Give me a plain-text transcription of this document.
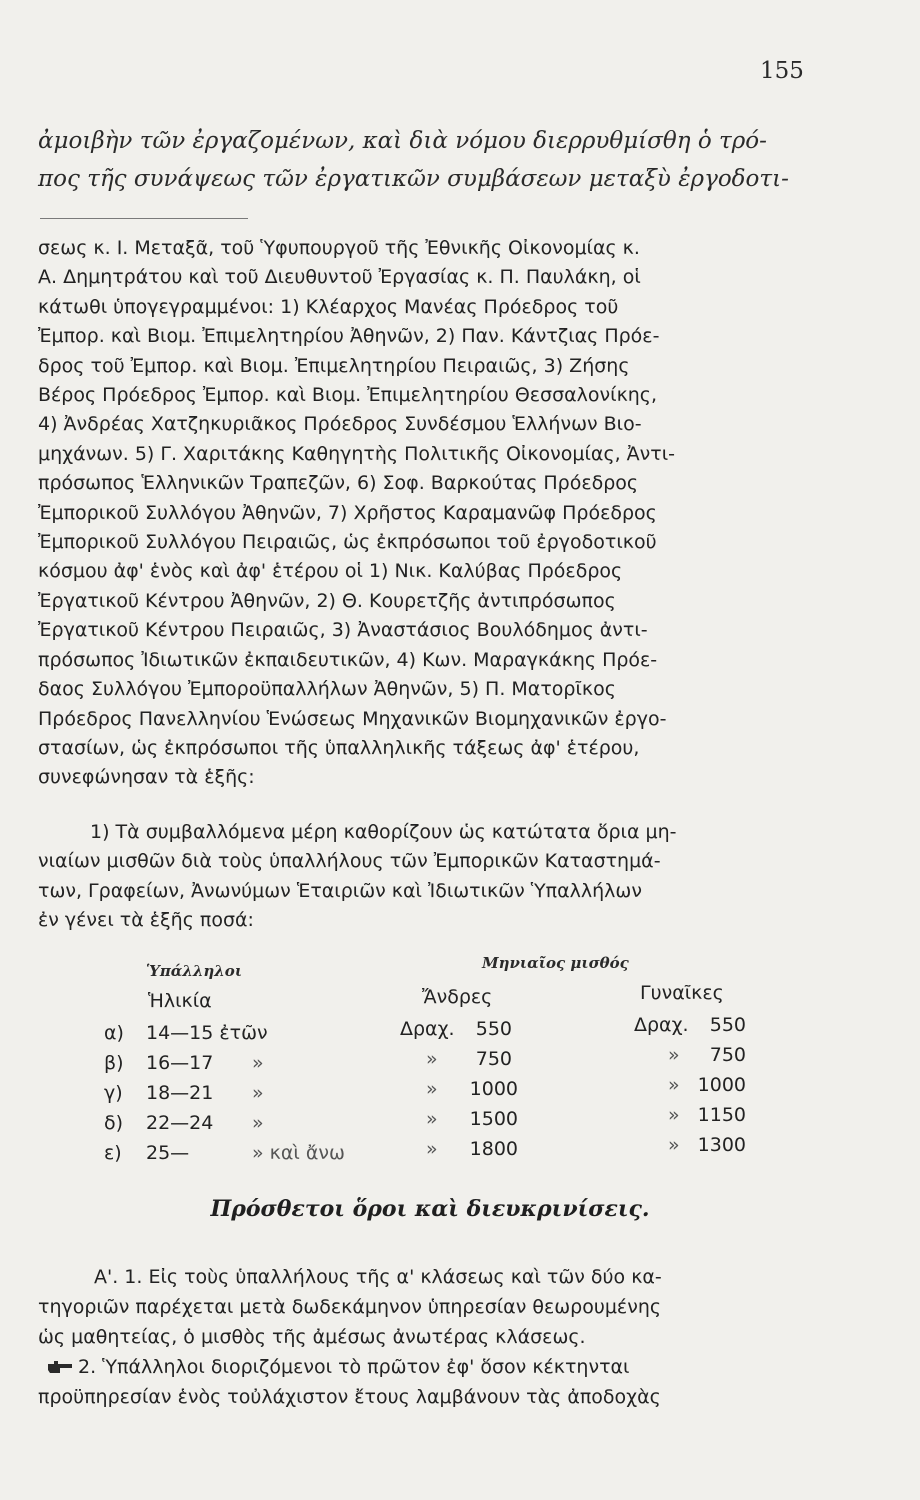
155
ἀμοιβὴν τῶν ἐργαζομένων, καὶ διὰ νόμου διερρυθμίσθη ὁ τρό-
πος τῆς συνάψεως τῶν ἐργατικῶν συμβάσεων μεταξὺ ἐργοδοτι-
σεως κ. Ι. Μεταξᾶ, τοῦ Ὑφυπουργοῦ τῆς Ἐθνικῆς Οἰκονομίας κ.
Α. Δημητράτου καὶ τοῦ Διευθυντοῦ Ἐργασίας κ. Π. Παυλάκη, οἱ
κάτωθι ὑπογεγραμμένοι: 1) Κλέαρχος Μανέας Πρόεδρος τοῦ
Ἐμπορ. καὶ Βιομ. Ἐπιμελητηρίου Ἀθηνῶν, 2) Παν. Κάντζιας Πρόε-
δρος τοῦ Ἐμπορ. καὶ Βιομ. Ἐπιμελητηρίου Πειραιῶς, 3) Ζήσης
Βέρος Πρόεδρος Ἐμπορ. καὶ Βιομ. Ἐπιμελητηρίου Θεσσαλονίκης,
4) Ἀνδρέας Χατζηκυριᾶκος Πρόεδρος Συνδέσμου Ἑλλήνων Βιο-
μηχάνων. 5) Γ. Χαριτάκης Καθηγητὴς Πολιτικῆς Οἰκονομίας, Ἀντι-
πρόσωπος Ἑλληνικῶν Τραπεζῶν, 6) Σοφ. Βαρκούτας Πρόεδρος
Ἐμπορικοῦ Συλλόγου Ἀθηνῶν, 7) Χρῆστος Καραμανῶφ Πρόεδρος
Ἐμπορικοῦ Συλλόγου Πειραιῶς, ὡς ἐκπρόσωποι τοῦ ἐργοδοτικοῦ
κόσμου ἀφ' ἑνὸς καὶ ἀφ' ἑτέρου οἱ 1) Νικ. Καλύβας Πρόεδρος
Ἐργατικοῦ Κέντρου Ἀθηνῶν, 2) Θ. Κουρετζῆς ἀντιπρόσωπος
Ἐργατικοῦ Κέντρου Πειραιῶς, 3) Ἀναστάσιος Βουλόδημος ἀντι-
πρόσωπος Ἰδιωτικῶν ἐκπαιδευτικῶν, 4) Κων. Μαραγκάκης Πρόε-
δαος Συλλόγου Ἐμποροϋπαλλήλων Ἀθηνῶν, 5) Π. Ματορῖκος
Πρόεδρος Πανελληνίου Ἑνώσεως Μηχανικῶν Βιομηχανικῶν ἐργο-
στασίων, ὡς ἐκπρόσωποι τῆς ὑπαλληλικῆς τάξεως ἀφ' ἑτέρου,
συνεφώνησαν τὰ ἑξῆς:
1) Τὰ συμβαλλόμενα μέρη καθορίζουν ὡς κατώτατα ὅρια μη-
νιαίων μισθῶν διὰ τοὺς ὑπαλλήλους τῶν Ἐμπορικῶν Καταστημά-
των, Γραφείων, Ἀνωνύμων Ἑταιριῶν καὶ Ἰδιωτικῶν Ὑπαλλήλων
ἐν γένει τὰ ἑξῆς ποσά:
Ὑπάλληλοι	Μηνιαῖος μισθός
Ἡλικία	Ἄνδρες	Γυναῖκες
α) 14—15 ἐτῶν	Δραχ.	550	Δραχ.	550
β) 16—17 »	»	750	»	750
γ) 18—21 »	»	1000	» 1000
δ) 22—24 »	»	1500	» 1150
ε) 25—	» καὶ ἄνω	»	1800	» 1300
Πρόσθετοι ὅροι καὶ διευκρινίσεις.
Α'. 1. Εἰς τοὺς ὑπαλλήλους τῆς α' κλάσεως καὶ τῶν δύο κα-
τηγοριῶν παρέχεται μετὰ δωδεκάμηνον ὑπηρεσίαν θεωρουμένης
ὡς μαθητείας, ὁ μισθὸς τῆς ἀμέσως ἀνωτέρας κλάσεως.
2. Ὑπάλληλοι διοριζόμενοι τὸ πρῶτον ἐφ' ὅσον κέκτηνται
προϋπηρεσίαν ἑνὸς τοὐλάχιστον ἔτους λαμβάνουν τὰς ἀποδοχὰς
